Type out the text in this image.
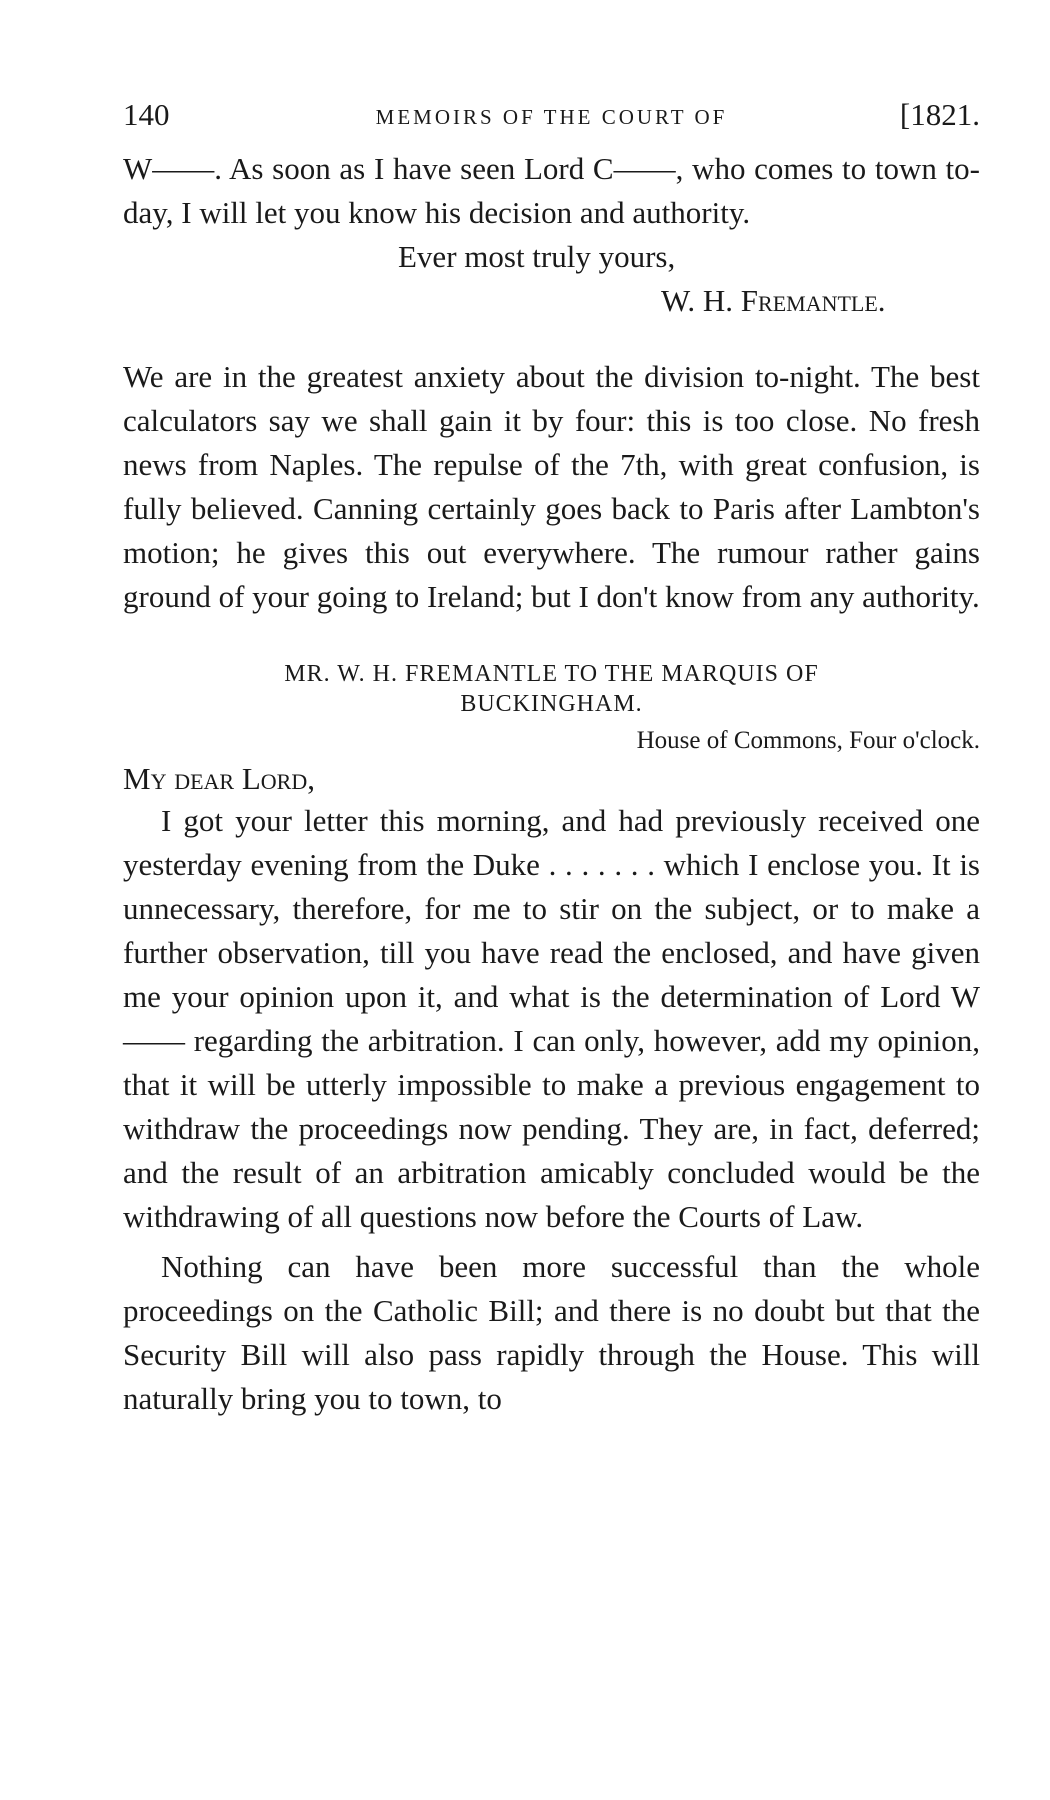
140	MEMOIRS OF THE COURT OF	[1821.

W——. As soon as I have seen Lord C——, who comes to town to-day, I will let you know his decision and authority.

Ever most truly yours,
W. H. Fremantle.

We are in the greatest anxiety about the division to-night. The best calculators say we shall gain it by four: this is too close. No fresh news from Naples. The repulse of the 7th, with great confusion, is fully believed. Canning certainly goes back to Paris after Lambton's motion; he gives this out everywhere. The rumour rather gains ground of your going to Ireland; but I don't know from any authority.

MR. W. H. FREMANTLE TO THE MARQUIS OF
BUCKINGHAM.
House of Commons, Four o'clock.
My dear Lord,

I got your letter this morning, and had previously received one yesterday evening from the Duke . . . . . . . which I enclose you. It is unnecessary, therefore, for me to stir on the subject, or to make a further observation, till you have read the enclosed, and have given me your opinion upon it, and what is the determination of Lord W—— regarding the arbitration. I can only, however, add my opinion, that it will be utterly impossible to make a previous engagement to withdraw the proceedings now pending. They are, in fact, deferred; and the result of an arbitration amicably concluded would be the withdrawing of all questions now before the Courts of Law.

Nothing can have been more successful than the whole proceedings on the Catholic Bill; and there is no doubt but that the Security Bill will also pass rapidly through the House. This will naturally bring you to town, to
